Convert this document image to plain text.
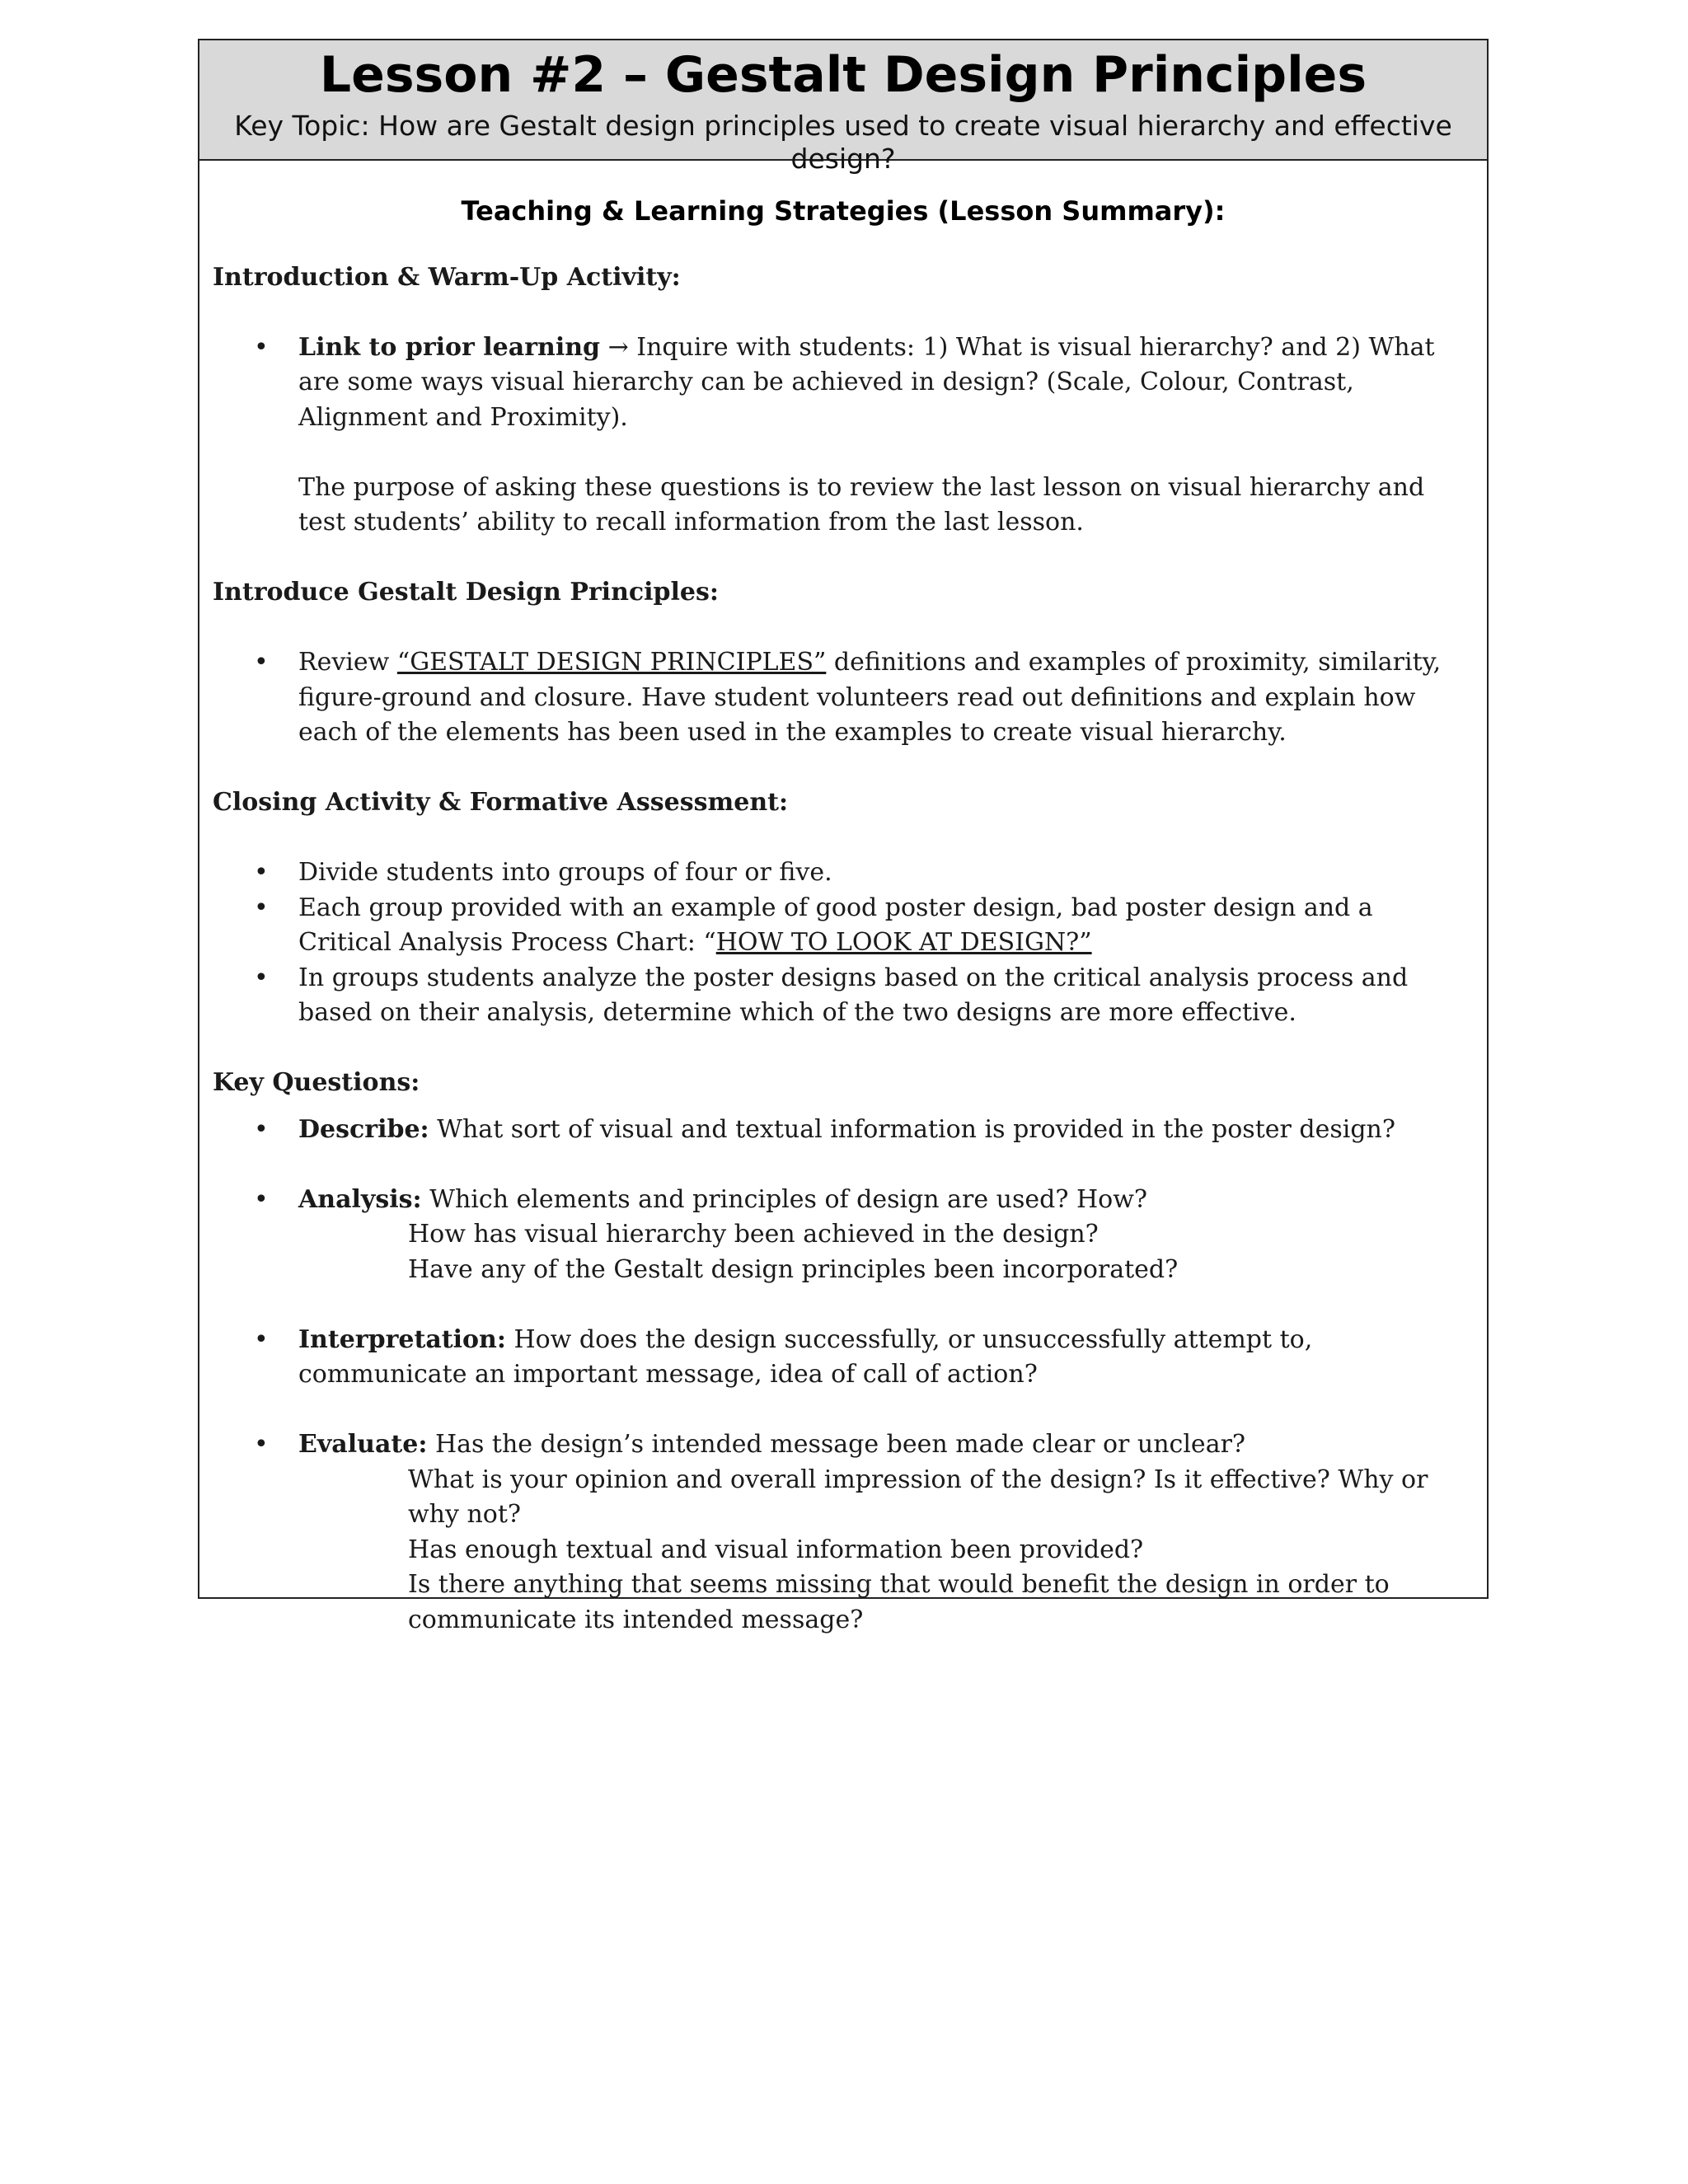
Lesson #2 – Gestalt Design Principles
Key Topic: How are Gestalt design principles used to create visual hierarchy and effective design?
Teaching & Learning Strategies (Lesson Summary):

Introduction & Warm-Up Activity:

• Link to prior learning → Inquire with students: 1) What is visual hierarchy? and 2) What are some ways visual hierarchy can be achieved in design? (Scale, Colour, Contrast, Alignment and Proximity).
The purpose of asking these questions is to review the last lesson on visual hierarchy and test students’ ability to recall information from the last lesson.

Introduce Gestalt Design Principles:

• Review “GESTALT DESIGN PRINCIPLES” definitions and examples of proximity, similarity, figure-ground and closure. Have student volunteers read out definitions and explain how each of the elements has been used in the examples to create visual hierarchy.

Closing Activity & Formative Assessment:

• Divide students into groups of four or five.
• Each group provided with an example of good poster design, bad poster design and a Critical Analysis Process Chart: “HOW TO LOOK AT DESIGN?”
• In groups students analyze the poster designs based on the critical analysis process and based on their analysis, determine which of the two designs are more effective.

Key Questions:

• Describe: What sort of visual and textual information is provided in the poster design?
• Analysis: Which elements and principles of design are used? How?
How has visual hierarchy been achieved in the design?
Have any of the Gestalt design principles been incorporated?
• Interpretation: How does the design successfully, or unsuccessfully attempt to, communicate an important message, idea of call of action?
• Evaluate: Has the design’s intended message been made clear or unclear?
What is your opinion and overall impression of the design? Is it effective? Why or why not?
Has enough textual and visual information been provided?
Is there anything that seems missing that would benefit the design in order to communicate its intended message?
